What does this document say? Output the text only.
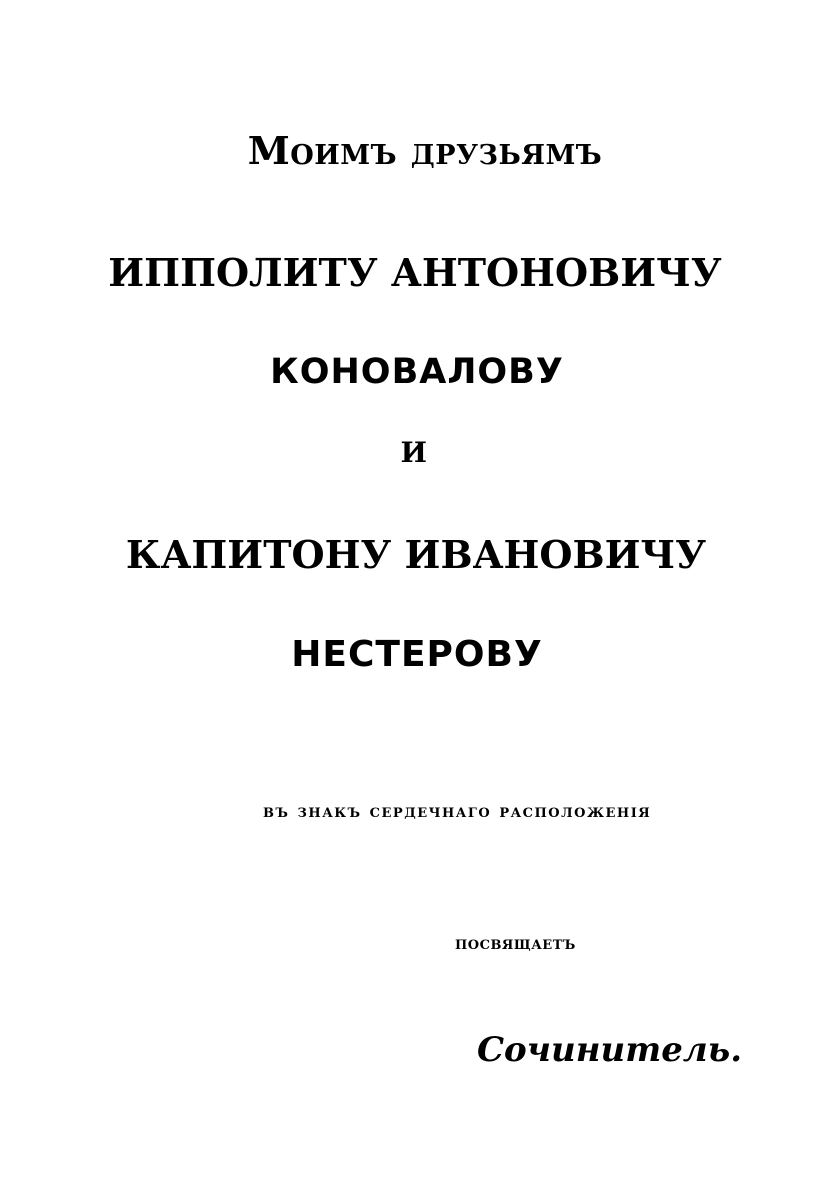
Моимъ друзьямъ
ИППОЛИТУ АНТОНОВИЧУ
КОНОВАЛОВУ
И
КАПИТОНУ ИВАНОВИЧУ
НЕСТЕРОВУ
въ знакъ сердечнаго расположенія
посвящаетъ
Сочинитель.
